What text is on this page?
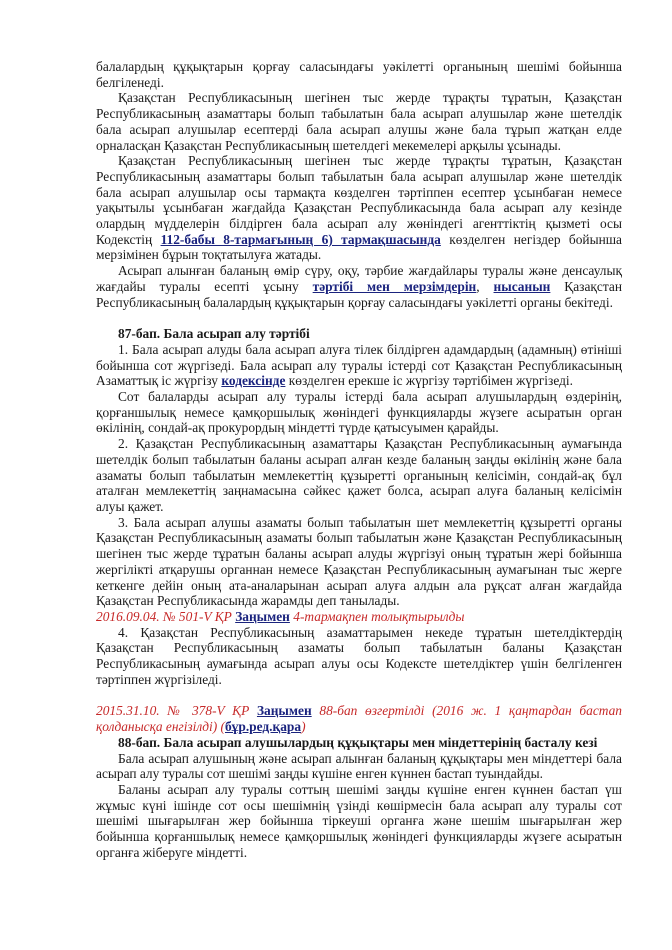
балалардың құқықтарын қорғау саласындағы уәкілетті органының шешімі бойынша белгіленеді.

Қазақстан Республикасының шегінен тыс жерде тұрақты тұратын, Қазақстан Республикасының азаматтары болып табылатын бала асырап алушылар және шетелдік бала асырап алушылар есептерді бала асырап алушы және бала тұрып жатқан елде орналасқан Қазақстан Республикасының шетелдегі мекемелері арқылы ұсынады.

Қазақстан Республикасының шегінен тыс жерде тұрақты тұратын, Қазақстан Республикасының азаматтары болып табылатын бала асырап алушылар және шетелдік бала асырап алушылар осы тармақта көзделген тәртіппен есептер ұсынбаған немесе уақытылы ұсынбаған жағдайда Қазақстан Республикасында бала асырап алу кезінде олардың мүдделерін білдірген бала асырап алу жөніндегі агенттіктің қызметі осы Кодекстің 112-бабы 8-тармағының 6) тармақшасында көзделген негіздер бойынша мерзімінен бұрын тоқтатылуға жатады.

Асырап алынған баланың өмір сүру, оқу, тәрбие жағдайлары туралы және денсаулық жағдайы туралы есепті ұсыну тәртібі мен мерзімдерін, нысанын Қазақстан Республикасының балалардың құқықтарын қорғау саласындағы уәкілетті органы бекітеді.

87-бап. Бала асырап алу тәртібі

1. Бала асырап алуды бала асырап алуға тілек білдірген адамдардың (адамның) өтініші бойынша сот жүргізеді. Бала асырап алу туралы істерді сот Қазақстан Республикасының Азаматтық іс жүргізу кодексінде көзделген ерекше іс жүргізу тәртібімен жүргізеді.

Сот балаларды асырап алу туралы істерді бала асырап алушылардың өздерінің, қорғаншылық немесе қамқоршылық жөніндегі функцияларды жүзеге асыратын орган өкілінің, сондай-ақ прокурордың міндетті түрде қатысуымен қарайды.

2. Қазақстан Республикасының азаматтары Қазақстан Республикасының аумағында шетелдік болып табылатын баланы асырап алған кезде баланың заңды өкілінің және бала азаматы болып табылатын мемлекеттің құзыретті органының келісімін, сондай-ақ бұл аталған мемлекеттің заңнамасына сәйкес қажет болса, асырап алуға баланың келісімін алуы қажет.

3. Бала асырап алушы азаматы болып табылатын шет мемлекеттің құзыретті органы Қазақстан Республикасының азаматы болып табылатын және Қазақстан Республикасының шегінен тыс жерде тұратын баланы асырап алуды жүргізуі оның тұратын жері бойынша жергілікті атқарушы органнан немесе Қазақстан Республикасының аумағынан тыс жерге кеткенге дейін оның ата-аналарынан асырап алуға алдын ала рұқсат алған жағдайда Қазақстан Республикасында жарамды деп танылады.

2016.09.04. № 501-V ҚР Заңымен 4-тармақпен толықтырылды

4. Қазақстан Республикасының азаматтарымен некеде тұратын шетелдіктердің Қазақстан Республикасының азаматы болып табылатын баланы Қазақстан Республикасының аумағында асырап алуы осы Кодексте шетелдіктер үшін белгіленген тәртіппен жүргізіледі.

2015.31.10. № 378-V ҚР Заңымен 88-бап өзгертілді (2016 ж. 1 қаңтардан бастап қолданысқа енгізілді) (бұр.ред.қара)

88-бап. Бала асырап алушылардың құқықтары мен міндеттерінің басталу кезі

Бала асырап алушының және асырап алынған баланың құқықтары мен міндеттері бала асырап алу туралы сот шешімі заңды күшіне енген күннен бастап туындайды.

Баланы асырап алу туралы соттың шешімі заңды күшіне енген күннен бастап үш жұмыс күні ішінде сот осы шешімнің үзінді көшірмесін бала асырап алу туралы сот шешімі шығарылған жер бойынша тіркеуші органға және шешім шығарылған жер бойынша қорғаншылық немесе қамқоршылық жөніндегі функцияларды жүзеге асыратын органға жіберуге міндетті.
